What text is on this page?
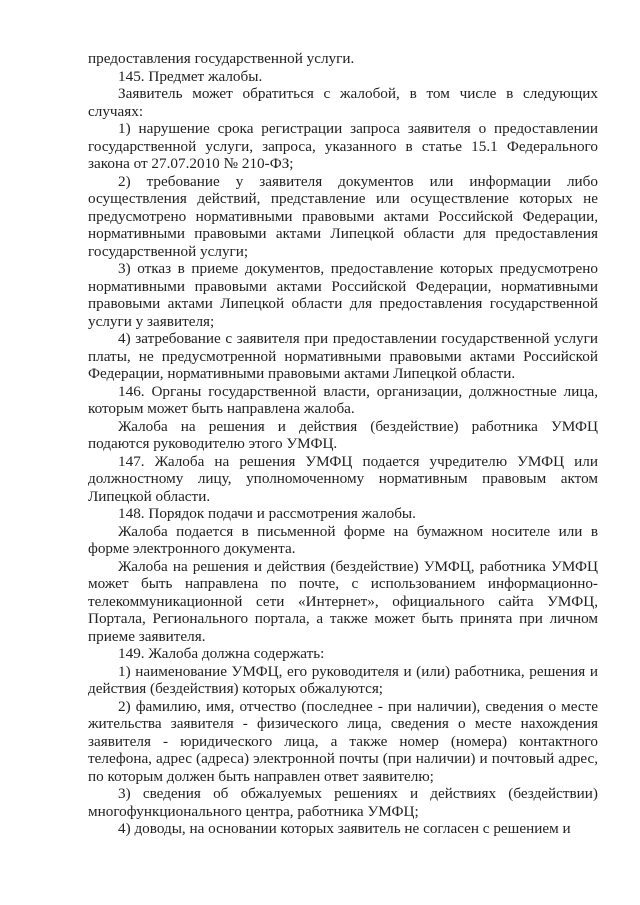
предоставления государственной услуги.

145. Предмет жалобы.

Заявитель может обратиться с жалобой, в том числе в следующих случаях:

1) нарушение срока регистрации запроса заявителя о предоставлении государственной услуги, запроса, указанного в статье 15.1 Федерального закона от 27.07.2010 № 210-ФЗ;

2) требование у заявителя документов или информации либо осуществления действий, представление или осуществление которых не предусмотрено нормативными правовыми актами Российской Федерации, нормативными правовыми актами Липецкой области для предоставления государственной услуги;

3) отказ в приеме документов, предоставление которых предусмотрено нормативными правовыми актами Российской Федерации, нормативными правовыми актами Липецкой области для предоставления государственной услуги у заявителя;

4) затребование с заявителя при предоставлении государственной услуги платы, не предусмотренной нормативными правовыми актами Российской Федерации, нормативными правовыми актами Липецкой области.

146. Органы государственной власти, организации, должностные лица, которым может быть направлена жалоба.

Жалоба на решения и действия (бездействие) работника УМФЦ подаются руководителю этого УМФЦ.

147. Жалоба на решения УМФЦ подается учредителю УМФЦ или должностному лицу, уполномоченному нормативным правовым актом Липецкой области.

148. Порядок подачи и рассмотрения жалобы.

Жалоба подается в письменной форме на бумажном носителе или в форме электронного документа.

Жалоба на решения и действия (бездействие) УМФЦ, работника УМФЦ может быть направлена по почте, с использованием информационно-телекоммуникационной сети «Интернет», официального сайта УМФЦ, Портала, Регионального портала, а также может быть принята при личном приеме заявителя.

149. Жалоба должна содержать:

1) наименование УМФЦ, его руководителя и (или) работника, решения и действия (бездействия) которых обжалуются;

2) фамилию, имя, отчество (последнее - при наличии), сведения о месте жительства заявителя - физического лица, сведения о месте нахождения заявителя - юридического лица, а также номер (номера) контактного телефона, адрес (адреса) электронной почты (при наличии) и почтовый адрес, по которым должен быть направлен ответ заявителю;

3) сведения об обжалуемых решениях и действиях (бездействии) многофункционального центра, работника УМФЦ;

4) доводы, на основании которых заявитель не согласен с решением и
